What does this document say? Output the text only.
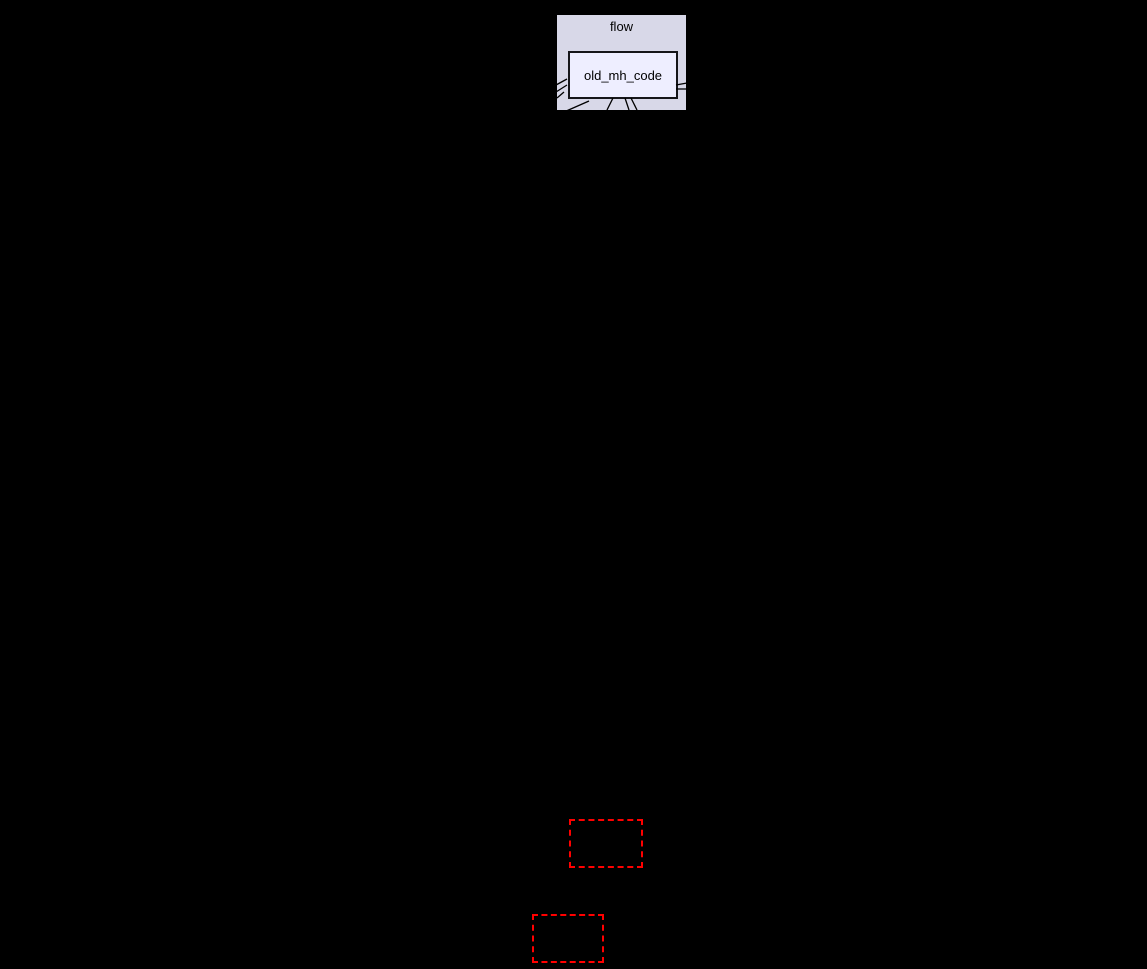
flow
old_mh_code
